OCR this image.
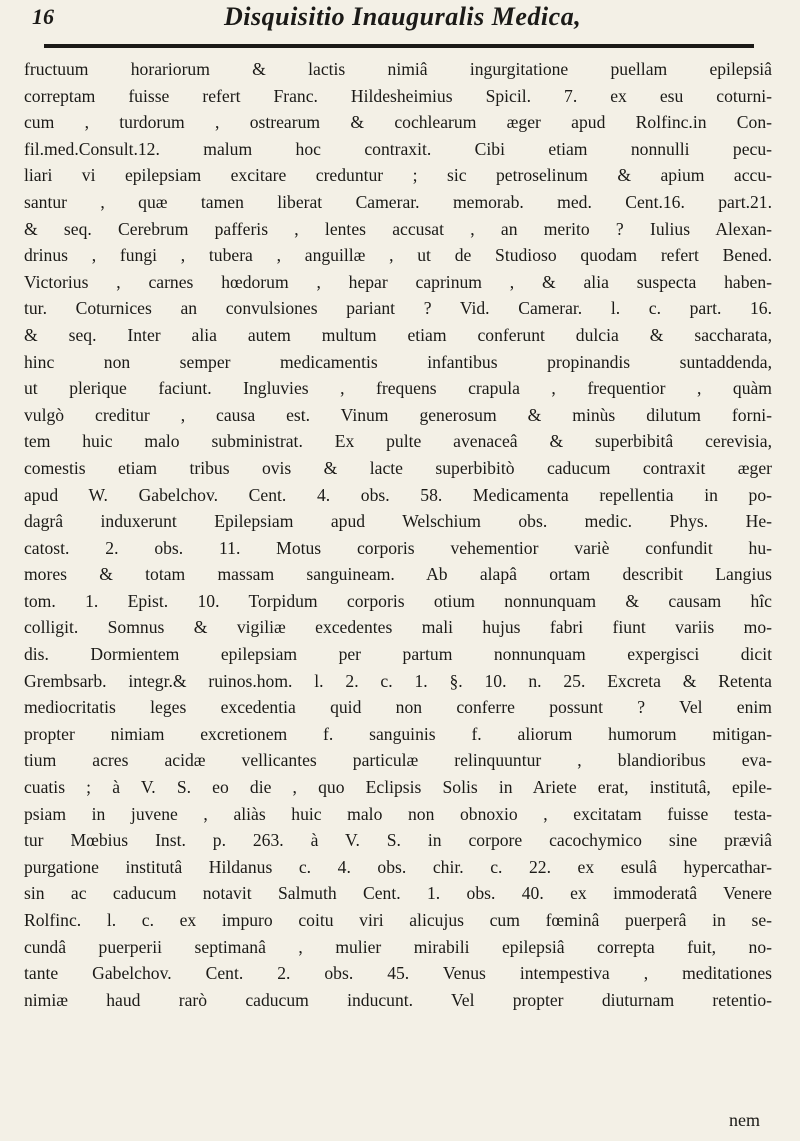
16	Disquisitio Inauguralis Medica,
fructuum horariorum & lactis nimiâ ingurgitatione puellam epilepsiâ
correptam fuisse refert Franc. Hildesheimius Spicil. 7. ex esu coturni-
cum , turdorum , ostrearum & cochlearum æger apud Rolfinc.in Con-
fil.med.Consult.12. malum hoc contraxit. Cibi etiam nonnulli pecu-
liari vi epilepsiam excitare creduntur ; sic petroselinum & apium accu-
santur , quæ tamen liberat Camerar. memorab. med. Cent.16. part.21.
& seq. Cerebrum pafferis , lentes accusat , an merito ? Iulius Alexan-
drinus , fungi , tubera , anguillæ , ut de Studioso quodam refert Bened.
Victorius , carnes hœdorum , hepar caprinum , & alia suspecta haben-
tur. Coturnices an convulsiones pariant ? Vid. Camerar. l. c. part. 16.
& seq. Inter alia autem multum etiam conferunt dulcia & saccharata,
hinc non semper medicamentis infantibus propinandis suntaddenda,
ut plerique faciunt. Ingluvies , frequens crapula , frequentior , quàm
vulgò creditur , causa est. Vinum generosum & minùs dilutum forni-
tem huic malo subministrat. Ex pulte avenaceâ & superbibitâ cerevisia,
comestis etiam tribus ovis & lacte superbibitò caducum contraxit æger
apud W. Gabelchov. Cent. 4. obs. 58. Medicamenta repellentia in po-
dagrâ induxerunt Epilepsiam apud Welschium obs. medic. Phys. He-
catost. 2. obs. 11. Motus corporis vehementior variè confundit hu-
mores & totam massam sanguineam. Ab alapâ ortam describit Langius
tom. 1. Epist. 10. Torpidum corporis otium nonnunquam & causam hîc
colligit. Somnus & vigiliæ excedentes mali hujus fabri fiunt variis mo-
dis. Dormientem epilepsiam per partum nonnunquam expergisci dicit
Grembsarb. integr.& ruinos.hom. l. 2. c. 1. §. 10. n. 25. Excreta & Retenta
mediocritatis leges excedentia quid non conferre possunt ? Vel enim
propter nimiam excretionem f. sanguinis f. aliorum humorum mitigan-
tium acres acidæ vellicantes particulæ relinquuntur , blandioribus eva-
cuatis ; à V. S. eo die , quo Eclipsis Solis in Ariete erat, institutâ, epile-
psiam in juvene , aliàs huic malo non obnoxio , excitatam fuisse testa-
tur Mœbius Inst. p. 263. à V. S. in corpore cacochymico sine præviâ
purgatione institutâ Hildanus c. 4. obs. chir. c. 22. ex esulâ hypercathar-
sin ac caducum notavit Salmuth Cent. 1. obs. 40. ex immoderatâ Venere
Rolfinc. l. c. ex impuro coitu viri alicujus cum fœminâ puerperâ in se-
cundâ puerperii septimanâ , mulier mirabili epilepsiâ correpta fuit, no-
tante Gabelchov. Cent. 2. obs. 45. Venus intempestiva , meditationes
nimiæ haud rarò caducum inducunt. Vel propter diuturnam retentio-
nem
